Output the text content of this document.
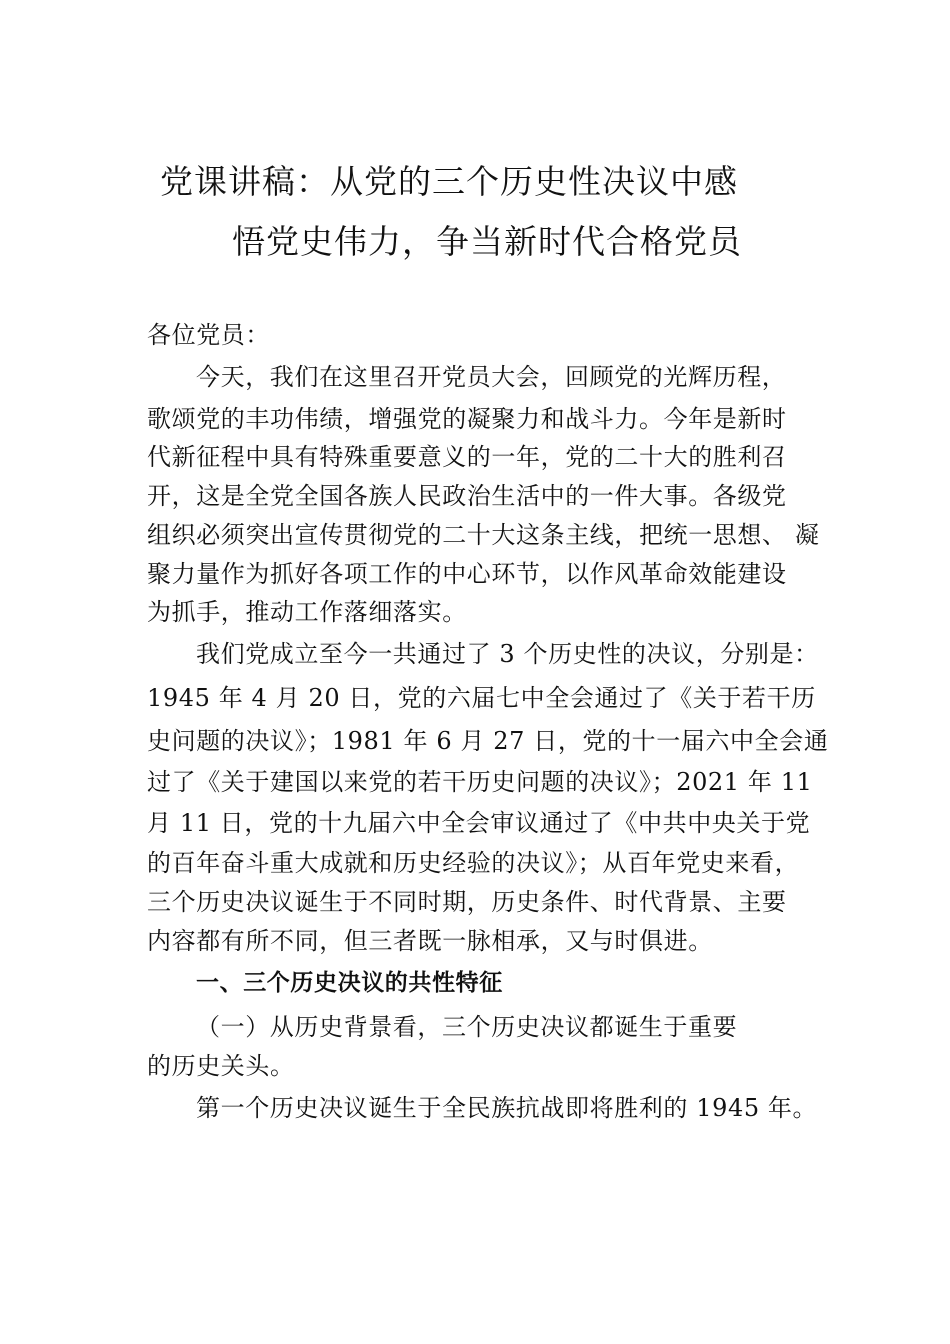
党课讲稿：从党的三个历史性决议中感
悟党史伟力，争当新时代合格党员
各位党员：
今天，我们在这里召开党员大会，回顾党的光辉历程，
歌颂党的丰功伟绩，增强党的凝聚力和战斗力。今年是新时
代新征程中具有特殊重要意义的一年，党的二十大的胜利召
开，这是全党全国各族人民政治生活中的一件大事。各级党
组织必须突出宣传贯彻党的二十大这条主线，把统一思想、 凝
聚力量作为抓好各项工作的中心环节，以作风革命效能建设
为抓手，推动工作落细落实。
我们党成立至今一共通过了 3 个历史性的决议，分别是：
1945 年 4 月 20 日，党的六届七中全会通过了《关于若干历
史问题的决议》；1981 年 6 月 27 日，党的十一届六中全会通
过了《关于建国以来党的若干历史问题的决议》；2021 年 11
月 11 日，党的十九届六中全会审议通过了《中共中央关于党
的百年奋斗重大成就和历史经验的决议》；从百年党史来看，
三个历史决议诞生于不同时期，历史条件、时代背景、主要
内容都有所不同，但三者既一脉相承，又与时俱进。
一、三个历史决议的共性特征
（一）从历史背景看，三个历史决议都诞生于重要
的历史关头。
第一个历史决议诞生于全民族抗战即将胜利的 1945 年。
